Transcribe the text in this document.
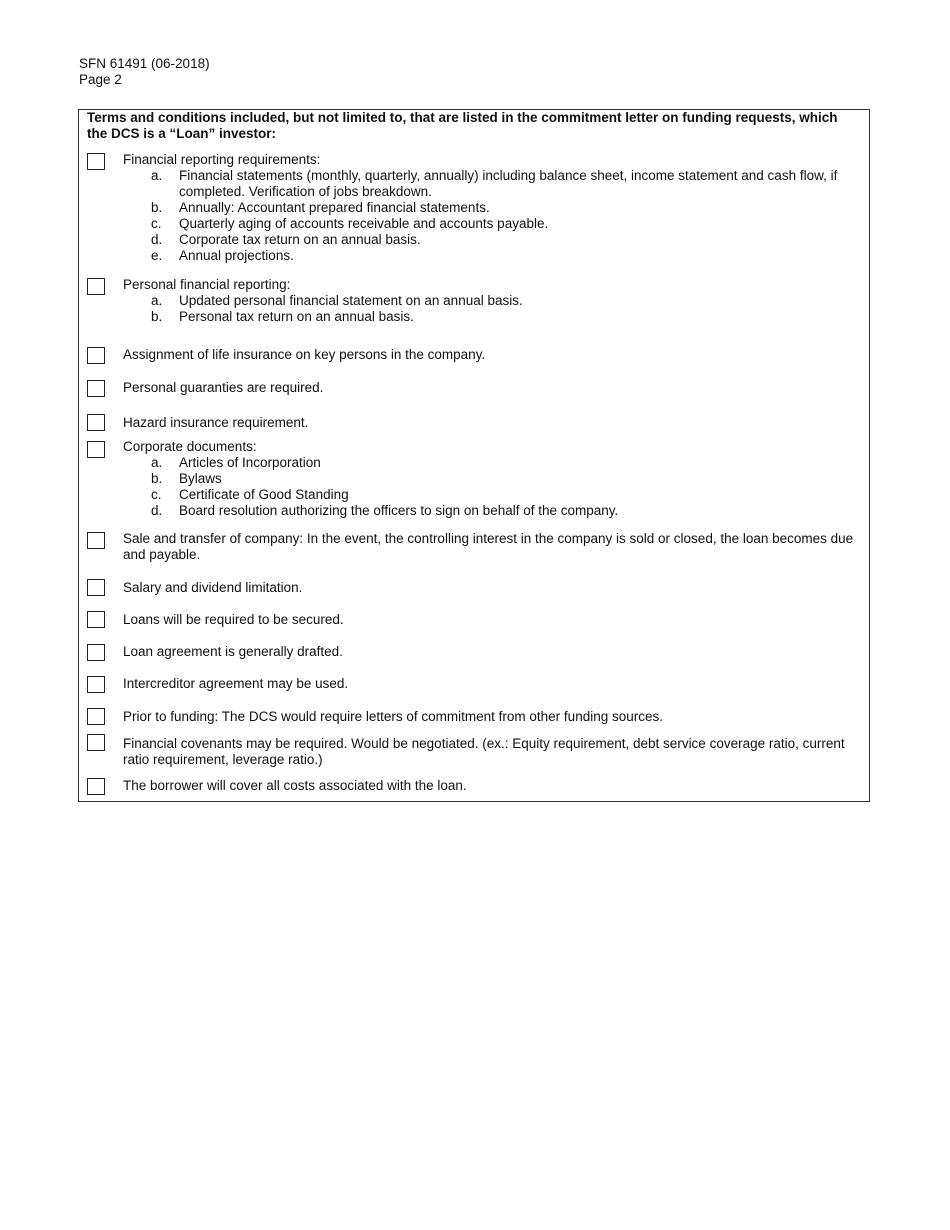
SFN 61491 (06-2018)
Page 2
Terms and conditions included, but not limited to, that are listed in the commitment letter on funding requests, which the DCS is a “Loan” investor:
Financial reporting requirements:
a. Financial statements (monthly, quarterly, annually) including balance sheet, income statement and cash flow, if completed. Verification of jobs breakdown.
b. Annually: Accountant prepared financial statements.
c. Quarterly aging of accounts receivable and accounts payable.
d. Corporate tax return on an annual basis.
e. Annual projections.
Personal financial reporting:
a. Updated personal financial statement on an annual basis.
b. Personal tax return on an annual basis.
Assignment of life insurance on key persons in the company.
Personal guaranties are required.
Hazard insurance requirement.
Corporate documents:
a. Articles of Incorporation
b. Bylaws
c. Certificate of Good Standing
d. Board resolution authorizing the officers to sign on behalf of the company.
Sale and transfer of company: In the event, the controlling interest in the company is sold or closed, the loan becomes due and payable.
Salary and dividend limitation.
Loans will be required to be secured.
Loan agreement is generally drafted.
Intercreditor agreement may be used.
Prior to funding: The DCS would require letters of commitment from other funding sources.
Financial covenants may be required. Would be negotiated. (ex.: Equity requirement, debt service coverage ratio, current ratio requirement, leverage ratio.)
The borrower will cover all costs associated with the loan.
